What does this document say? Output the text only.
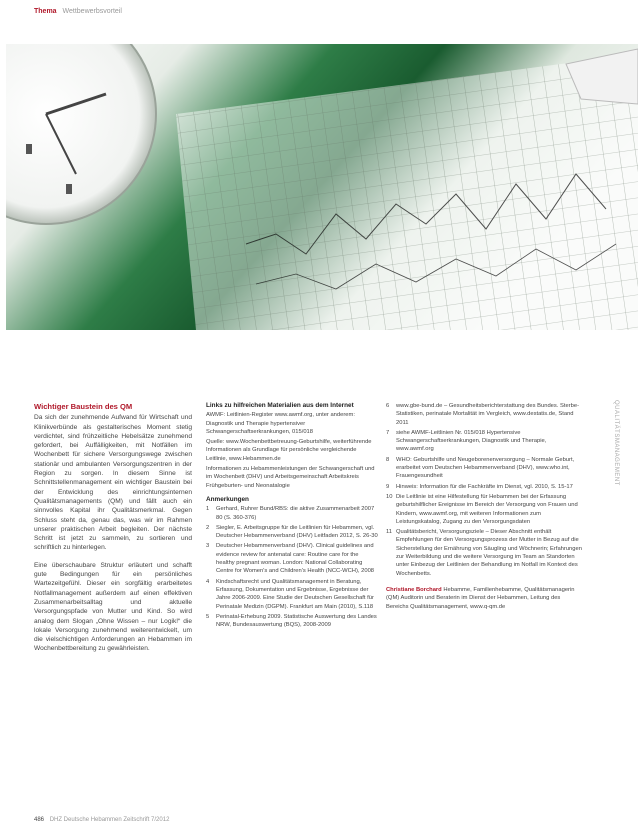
Thema Wettbewerbsvorteil
QUALITÄTSMANAGEMENT
Wichtiger Baustein des QM

Da sich der zunehmende Aufwand für Wirtschaft und Klinikverbünde als gestalterisches Moment stetig verdichtet, sind frühzeitliche Hebelsätze zunehmend gefordert, bei Auffälligkeiten, mit Notfällen im Wochenbett für sichere Versorgungswege zwischen stationär und ambulanten Versorgungszentren in der Region zu sorgen. In diesem Sinne ist Schnittstellenmanagement ein wichtiger Baustein bei der Entwicklung des einrichtungsinternen Qualitätsmanagements (QM) und fällt auch ein sinnvolles Kapital ihr Qualitätsmerkmal. Gegen Schluss steht da, genau das, was wir im Rahmen unserer praktischen Arbeit begleiten. Der nächste Schritt ist jetzt zu sammeln, zu sortieren und schriftlich zu hinterlegen.

Eine überschaubare Struktur erläutert und schafft gute Bedingungen für ein persönliches Wartezeitgefühl. Dieser ein sorgfältig erarbeitetes Notfallmanagement außerdem auf einen effektiven Zusammenarbeitsalltag und aktuelle Versorgungspfade von Mutter und Kind. So wird analog dem Slogan „Ohne Wissen – nur Logik!“ die lokale Versorgung zunehmend weiterentwickelt, um die vielschichtigen Anforderungen an Hebammen im Wochenbettbereitung zu gewährleisten.

Links zu hilfreichen Materialien aus dem Internet

AWMF: Leitlinien-Register www.awmf.org, unter anderem: Diagnostik und Therapie hypertensiver Schwangerschaftserkrankungen, 015/018

Quelle: www.Wochenbettbetreuung-Geburtshilfe, weiterführende Informationen als Grundlage für persönliche vergleichende Leitlinie, www.Hebammen.de

Informationen zu Hebammenleistungen der Schwangerschaft und im Wochenbett (DHV) und Arbeitsgemeinschaft Arbeitskreis Frühgeburten- und Neonatalogie

Anmerkungen
1 Gerhard, Ruhrer Bund/RBS: die aktive Zusammenarbeit 2007 80 (S. 360-376)
2 Siegler, E. Arbeitsgruppe für die Leitlinien für Hebammen, vgl. Deutscher Hebammenverband (DHV) Leitfaden 2012, S. 26-30
3 Deutscher Hebammenverband (DHV). Clinical guidelines and evidence review for antenatal care: Routine care for the healthy pregnant woman. London: National Collaborating Centre for Women's and Children's Health (NCC-WCH), 2008
4 Kindschaftsrecht und Qualitätsmanagement in Beratung, Erfassung, Dokumentation und Ergebnisse, Ergebnisse der Jahre 2006-2009. Eine Studie der Deutschen Gesellschaft für Perinatale Medizin (DGPM). Frankfurt am Main (2010), S.118
5 Perinatal-Erhebung 2009. Statistische Auswertung des Landes NRW, Bundesauswertung (BQS), 2008-2009
6 www.gbe-bund.de – Gesundheitsberichterstattung des Bundes. Sterbe-Statistiken, perinatale Mortalität im Vergleich, www.destatis.de, Stand 2011
7 siehe AWMF-Leitlinien Nr. 015/018 Hypertensive Schwangerschaftserkrankungen, Diagnostik und Therapie, www.awmf.org
8 WHO: Geburtshilfe und Neugeborenenversorgung – Normale Geburt, erarbeitet vom Deutschen Hebammenverband (DHV), www.who.int, Frauengesundheit
9 Hinweis: Information für die Fachkräfte im Dienst, vgl. 2010, S. 15-17
10 Die Leitlinie ist eine Hilfestellung für Hebammen bei der Erfassung geburtshilflicher Ereignisse im Bereich der Versorgung von Frauen und Kindern, www.awmf.org, mit weiteren Informationen zum Leistungskatalog, Zugang zu den Versorgungsdaten
11 Qualitätsbericht, Versorgungsziele – Dieser Abschnitt enthält Empfehlungen für den Versorgungsprozess der Mutter in Bezug auf die Sicherstellung der Ernährung von Säugling und Wöchnerin; Erfahrungen zur Weiterbildung und die weitere Versorgung im Team an Standorten unter Einbezug der Leitlinien der Behandlung im Notfall im Kontext des Wochenbetts.

Christiane Borchard Hebamme, Familienhebamme, Qualitätsmanagerin (QM) Auditorin und Beraterin im Dienst der Hebammen, Leitung des Bereichs Qualitätsmanagement, www.q-qm.de

486 DHZ Deutsche Hebammen Zeitschrift 7/2012
